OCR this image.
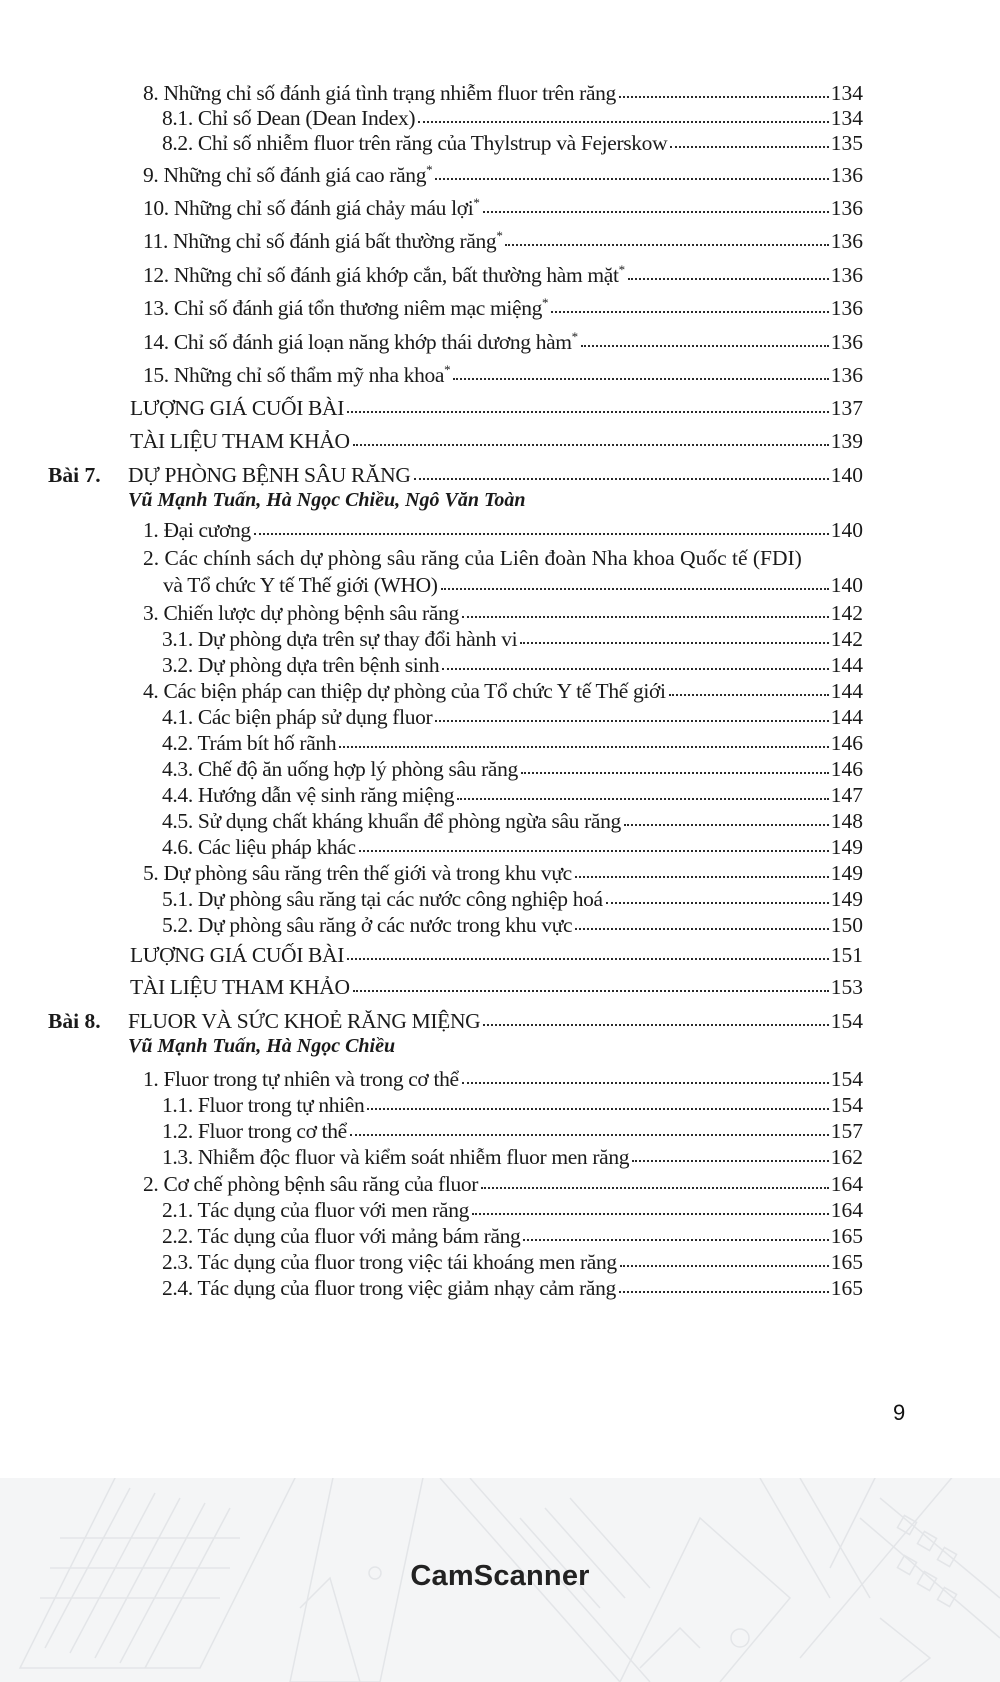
8. Những chỉ số đánh giá tình trạng nhiễm fluor trên răng	134
8.1. Chỉ số Dean (Dean Index)	134
8.2. Chỉ số nhiễm fluor trên răng của Thylstrup và Fejerskow	135
9. Những chỉ số đánh giá cao răng*	136
10. Những chỉ số đánh giá chảy máu lợi*	136
11. Những chỉ số đánh giá bất thường răng*	136
12. Những chỉ số đánh giá khớp cắn, bất thường hàm mặt*	136
13. Chỉ số đánh giá tổn thương niêm mạc miệng*	136
14. Chỉ số đánh giá loạn năng khớp thái dương hàm*	136
15. Những chỉ số thẩm mỹ nha khoa*	136
LƯỢNG GIÁ CUỐI BÀI	137
TÀI LIỆU THAM KHẢO	139
Bài 7.	DỰ PHÒNG BỆNH SÂU RĂNG	140
Vũ Mạnh Tuấn, Hà Ngọc Chiều, Ngô Văn Toàn
1. Đại cương	140
2. Các chính sách dự phòng sâu răng của Liên đoàn Nha khoa Quốc tế (FDI)
và Tổ chức Y tế Thế giới (WHO)	140
3. Chiến lược dự phòng bệnh sâu răng	142
3.1. Dự phòng dựa trên sự thay đổi hành vi	142
3.2. Dự phòng dựa trên bệnh sinh	144
4. Các biện pháp can thiệp dự phòng của Tổ chức Y tế Thế giới	144
4.1. Các biện pháp sử dụng fluor	144
4.2. Trám bít hố rãnh	146
4.3. Chế độ ăn uống hợp lý phòng sâu răng	146
4.4. Hướng dẫn vệ sinh răng miệng	147
4.5. Sử dụng chất kháng khuẩn để phòng ngừa sâu răng	148
4.6. Các liệu pháp khác	149
5. Dự phòng sâu răng trên thế giới và trong khu vực	149
5.1. Dự phòng sâu răng tại các nước công nghiệp hoá	149
5.2. Dự phòng sâu răng ở các nước trong khu vực	150
LƯỢNG GIÁ CUỐI BÀI	151
TÀI LIỆU THAM KHẢO	153
Bài 8.	FLUOR VÀ SỨC KHOẺ RĂNG MIỆNG	154
Vũ Mạnh Tuấn, Hà Ngọc Chiều
1. Fluor trong tự nhiên và trong cơ thể	154
1.1. Fluor trong tự nhiên	154
1.2. Fluor trong cơ thể	157
1.3. Nhiễm độc fluor và kiểm soát nhiễm fluor men răng	162
2. Cơ chế phòng bệnh sâu răng của fluor	164
2.1. Tác dụng của fluor với men răng	164
2.2. Tác dụng của fluor với mảng bám răng	165
2.3. Tác dụng của fluor trong việc tái khoáng men răng	165
2.4. Tác dụng của fluor trong việc giảm nhạy cảm răng	165
9
CamScanner
